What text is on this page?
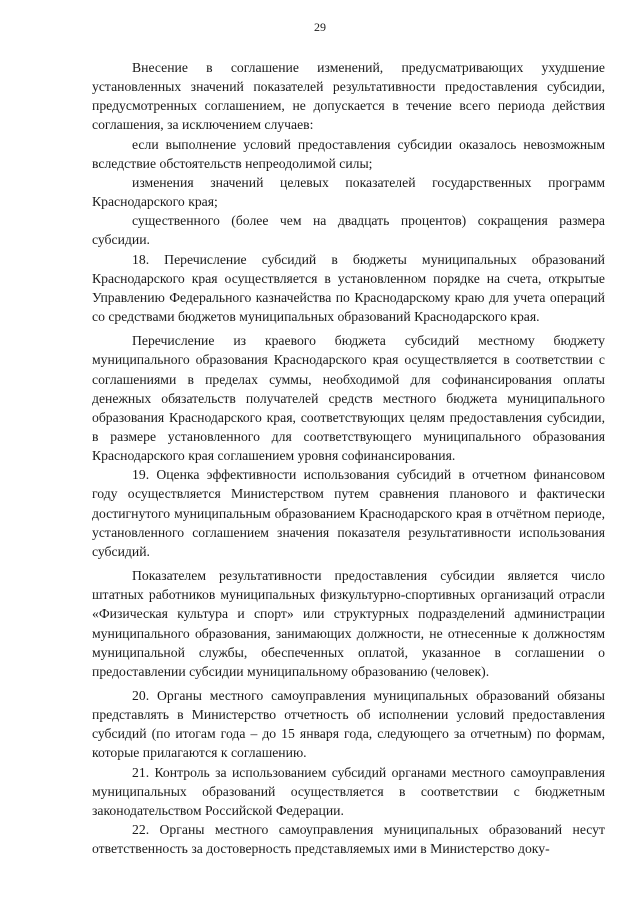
29

Внесение в соглашение изменений, предусматривающих ухудшение установленных значений показателей результативности предоставления субсидии, предусмотренных соглашением, не допускается в течение всего периода действия соглашения, за исключением случаев:

если выполнение условий предоставления субсидии оказалось невозможным вследствие обстоятельств непреодолимой силы;

изменения значений целевых показателей государственных программ Краснодарского края;

существенного (более чем на двадцать процентов) сокращения размера субсидии.

18. Перечисление субсидий в бюджеты муниципальных образований Краснодарского края осуществляется в установленном порядке на счета, открытые Управлению Федерального казначейства по Краснодарскому краю для учета операций со средствами бюджетов муниципальных образований Краснодарского края.

Перечисление из краевого бюджета субсидий местному бюджету муниципального образования Краснодарского края осуществляется в соответствии с соглашениями в пределах суммы, необходимой для софинансирования оплаты денежных обязательств получателей средств местного бюджета муниципального образования Краснодарского края, соответствующих целям предоставления субсидии, в размере установленного для соответствующего муниципального образования Краснодарского края соглашением уровня софинансирования.

19. Оценка эффективности использования субсидий в отчетном финансовом году осуществляется Министерством путем сравнения планового и фактически достигнутого муниципальным образованием Краснодарского края в отчётном периоде, установленного соглашением значения показателя результативности использования субсидий.

Показателем результативности предоставления субсидии является число штатных работников муниципальных физкультурно-спортивных организаций отрасли «Физическая культура и спорт» или структурных подразделений администрации муниципального образования, занимающих должности, не отнесенные к должностям муниципальной службы, обеспеченных оплатой, указанное в соглашении о предоставлении субсидии муниципальному образованию (человек).

20. Органы местного самоуправления муниципальных образований обязаны представлять в Министерство отчетность об исполнении условий предоставления субсидий (по итогам года – до 15 января года, следующего за отчетным) по формам, которые прилагаются к соглашению.

21. Контроль за использованием субсидий органами местного самоуправления муниципальных образований осуществляется в соответствии с бюджетным законодательством Российской Федерации.

22. Органы местного самоуправления муниципальных образований несут ответственность за достоверность представляемых ими в Министерство доку-
